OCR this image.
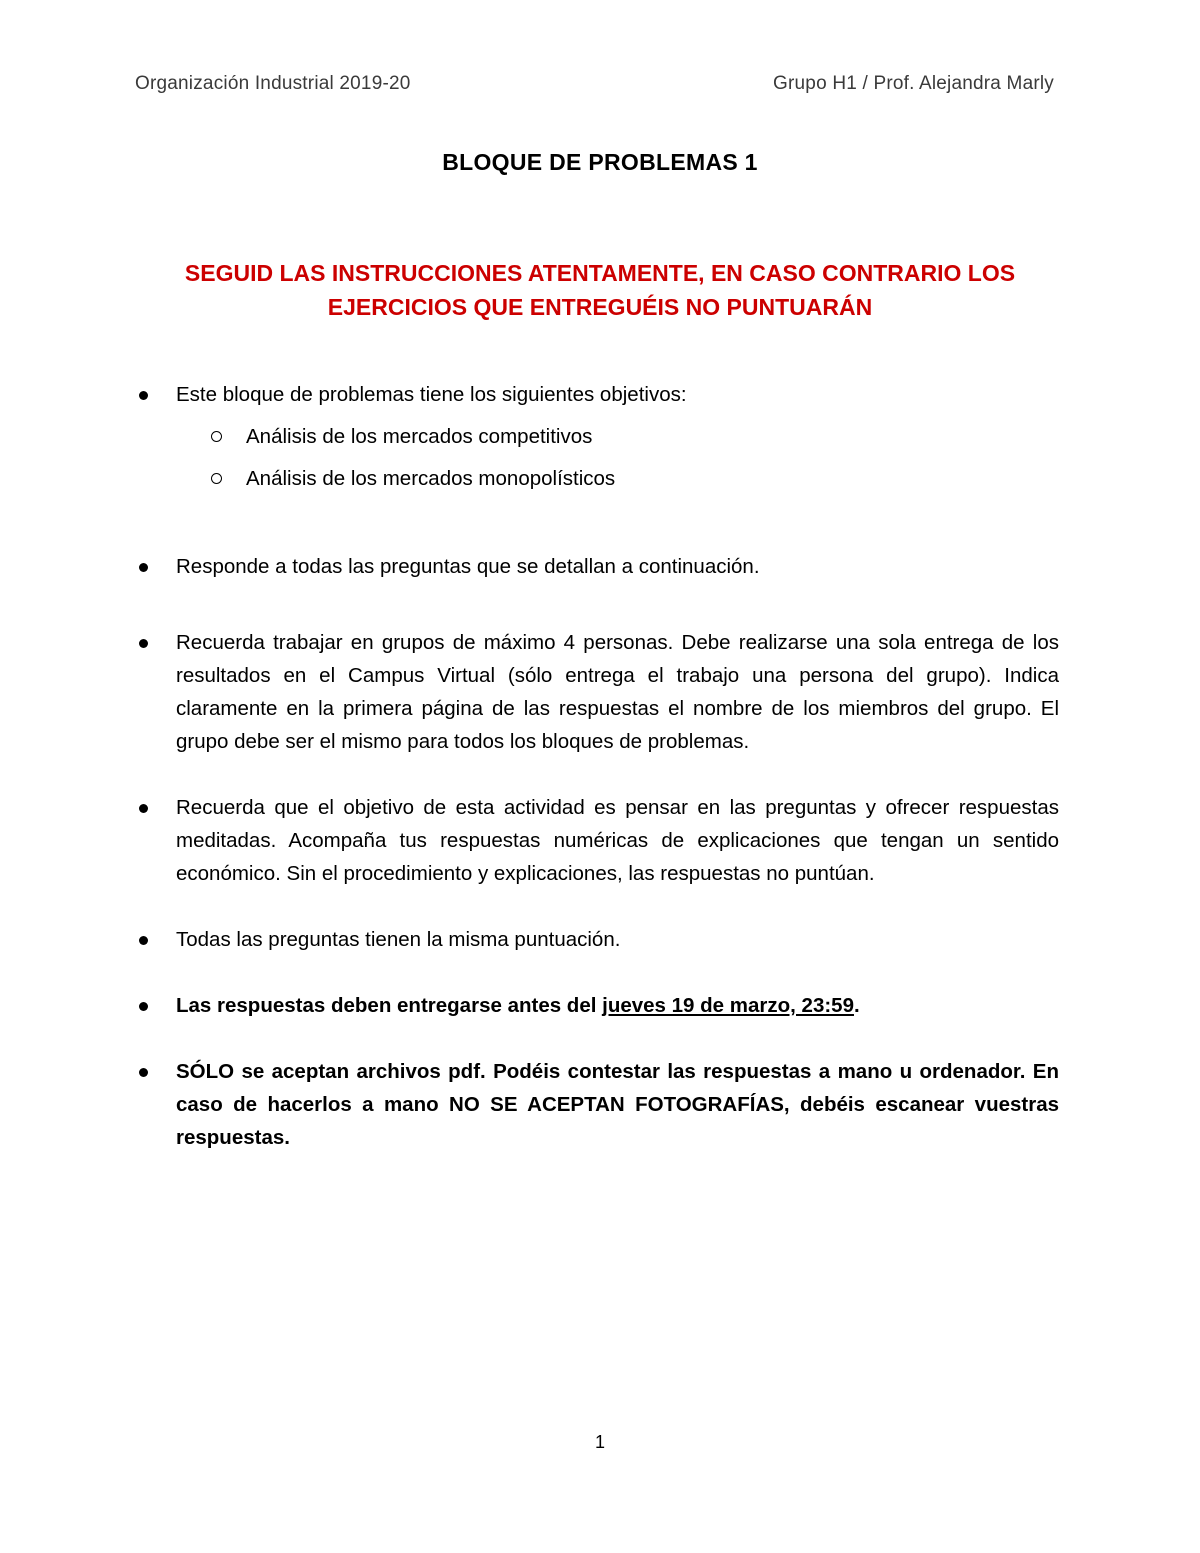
Organización Industrial 2019-20	Grupo H1 / Prof. Alejandra Marly
BLOQUE DE PROBLEMAS 1
SEGUID LAS INSTRUCCIONES ATENTAMENTE, EN CASO CONTRARIO LOS
EJERCICIOS QUE ENTREGUÉIS NO PUNTUARÁN
Este bloque de problemas tiene los siguientes objetivos:
Análisis de los mercados competitivos
Análisis de los mercados monopolísticos
Responde a todas las preguntas que se detallan a continuación.
Recuerda trabajar en grupos de máximo 4 personas. Debe realizarse una sola entrega de los resultados en el Campus Virtual (sólo entrega el trabajo una persona del grupo). Indica claramente en la primera página de las respuestas el nombre de los miembros del grupo. El grupo debe ser el mismo para todos los bloques de problemas.
Recuerda que el objetivo de esta actividad es pensar en las preguntas y ofrecer respuestas meditadas. Acompaña tus respuestas numéricas de explicaciones que tengan un sentido económico. Sin el procedimiento y explicaciones, las respuestas no puntúan.
Todas las preguntas tienen la misma puntuación.
Las respuestas deben entregarse antes del jueves 19 de marzo, 23:59.
SÓLO se aceptan archivos pdf. Podéis contestar las respuestas a mano u ordenador. En caso de hacerlos a mano NO SE ACEPTAN FOTOGRAFÍAS, debéis escanear vuestras respuestas.
1
